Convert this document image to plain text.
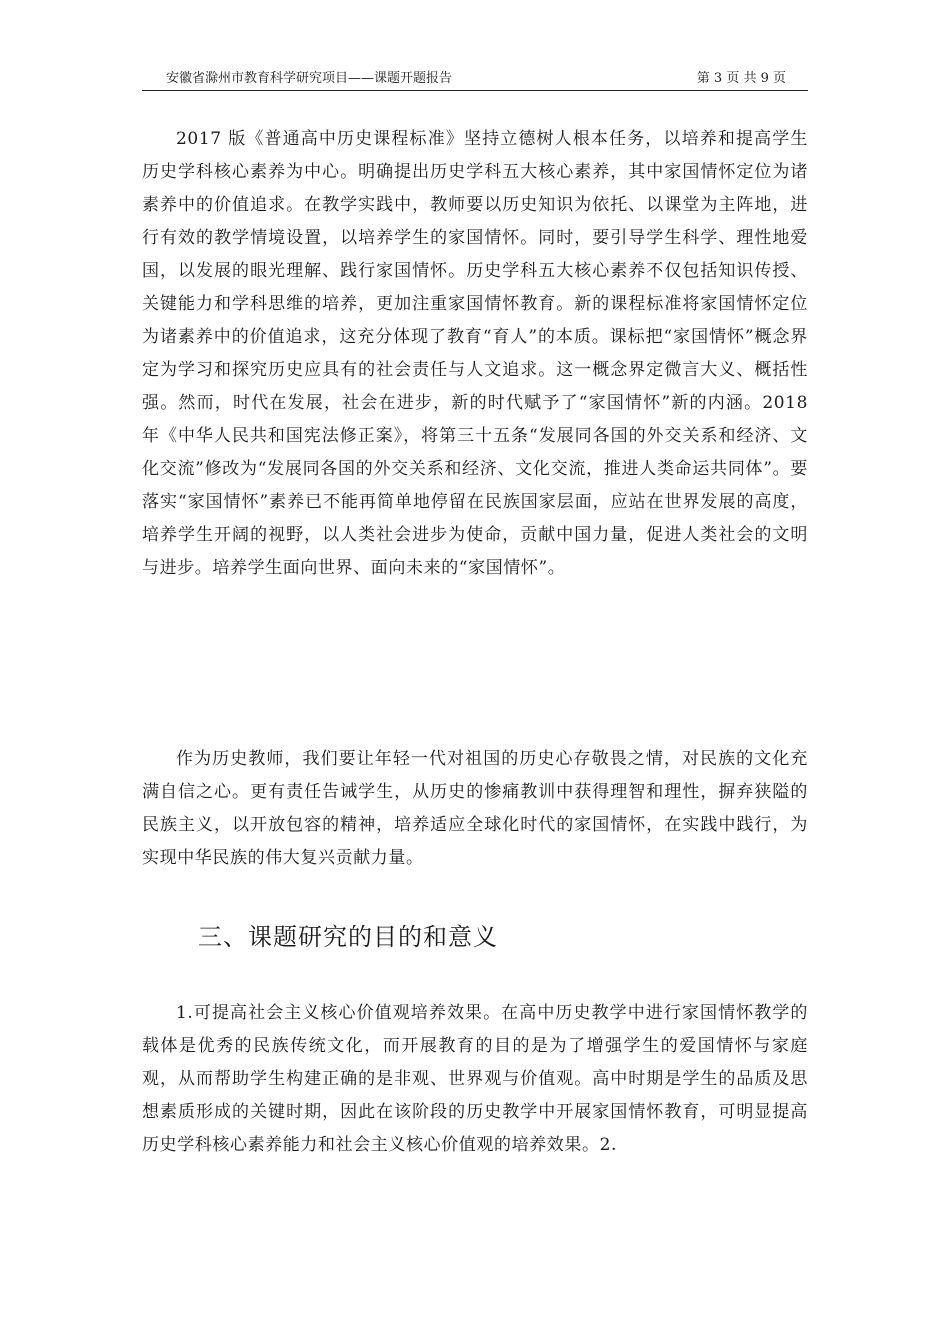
安徽省滁州市教育科学研究项目——课题开题报告	第 3 页 共 9 页

2017 版《普通高中历史课程标准》坚持立德树人根本任务，以培养和提高学生历史学科核心素养为中心。明确提出历史学科五大核心素养，其中家国情怀定位为诸素养中的价值追求。在教学实践中，教师要以历史知识为依托、以课堂为主阵地，进行有效的教学情境设置，以培养学生的家国情怀。同时，要引导学生科学、理性地爱国，以发展的眼光理解、践行家国情怀。历史学科五大核心素养不仅包括知识传授、关键能力和学科思维的培养，更加注重家国情怀教育。新的课程标准将家国情怀定位为诸素养中的价值追求，这充分体现了教育“育人”的本质。课标把“家国情怀”概念界定为学习和探究历史应具有的社会责任与人文追求。这一概念界定微言大义、概括性强。然而，时代在发展，社会在进步，新的时代赋予了“家国情怀”新的内涵。2018 年《中华人民共和国宪法修正案》，将第三十五条“发展同各国的外交关系和经济、文化交流”修改为“发展同各国的外交关系和经济、文化交流，推进人类命运共同体”。要落实“家国情怀”素养已不能再简单地停留在民族国家层面，应站在世界发展的高度，培养学生开阔的视野，以人类社会进步为使命，贡献中国力量，促进人类社会的文明与进步。培养学生面向世界、面向未来的“家国情怀”。

作为历史教师，我们要让年轻一代对祖国的历史心存敬畏之情，对民族的文化充满自信之心。更有责任告诫学生，从历史的惨痛教训中获得理智和理性，摒弃狭隘的民族主义，以开放包容的精神，培养适应全球化时代的家国情怀，在实践中践行，为实现中华民族的伟大复兴贡献力量。

三、课题研究的目的和意义

1.可提高社会主义核心价值观培养效果。在高中历史教学中进行家国情怀教学的载体是优秀的民族传统文化，而开展教育的目的是为了增强学生的爱国情怀与家庭观，从而帮助学生构建正确的是非观、世界观与价值观。高中时期是学生的品质及思想素质形成的关键时期，因此在该阶段的历史教学中开展家国情怀教育，可明显提高历史学科核心素养能力和社会主义核心价值观的培养效果。2.
